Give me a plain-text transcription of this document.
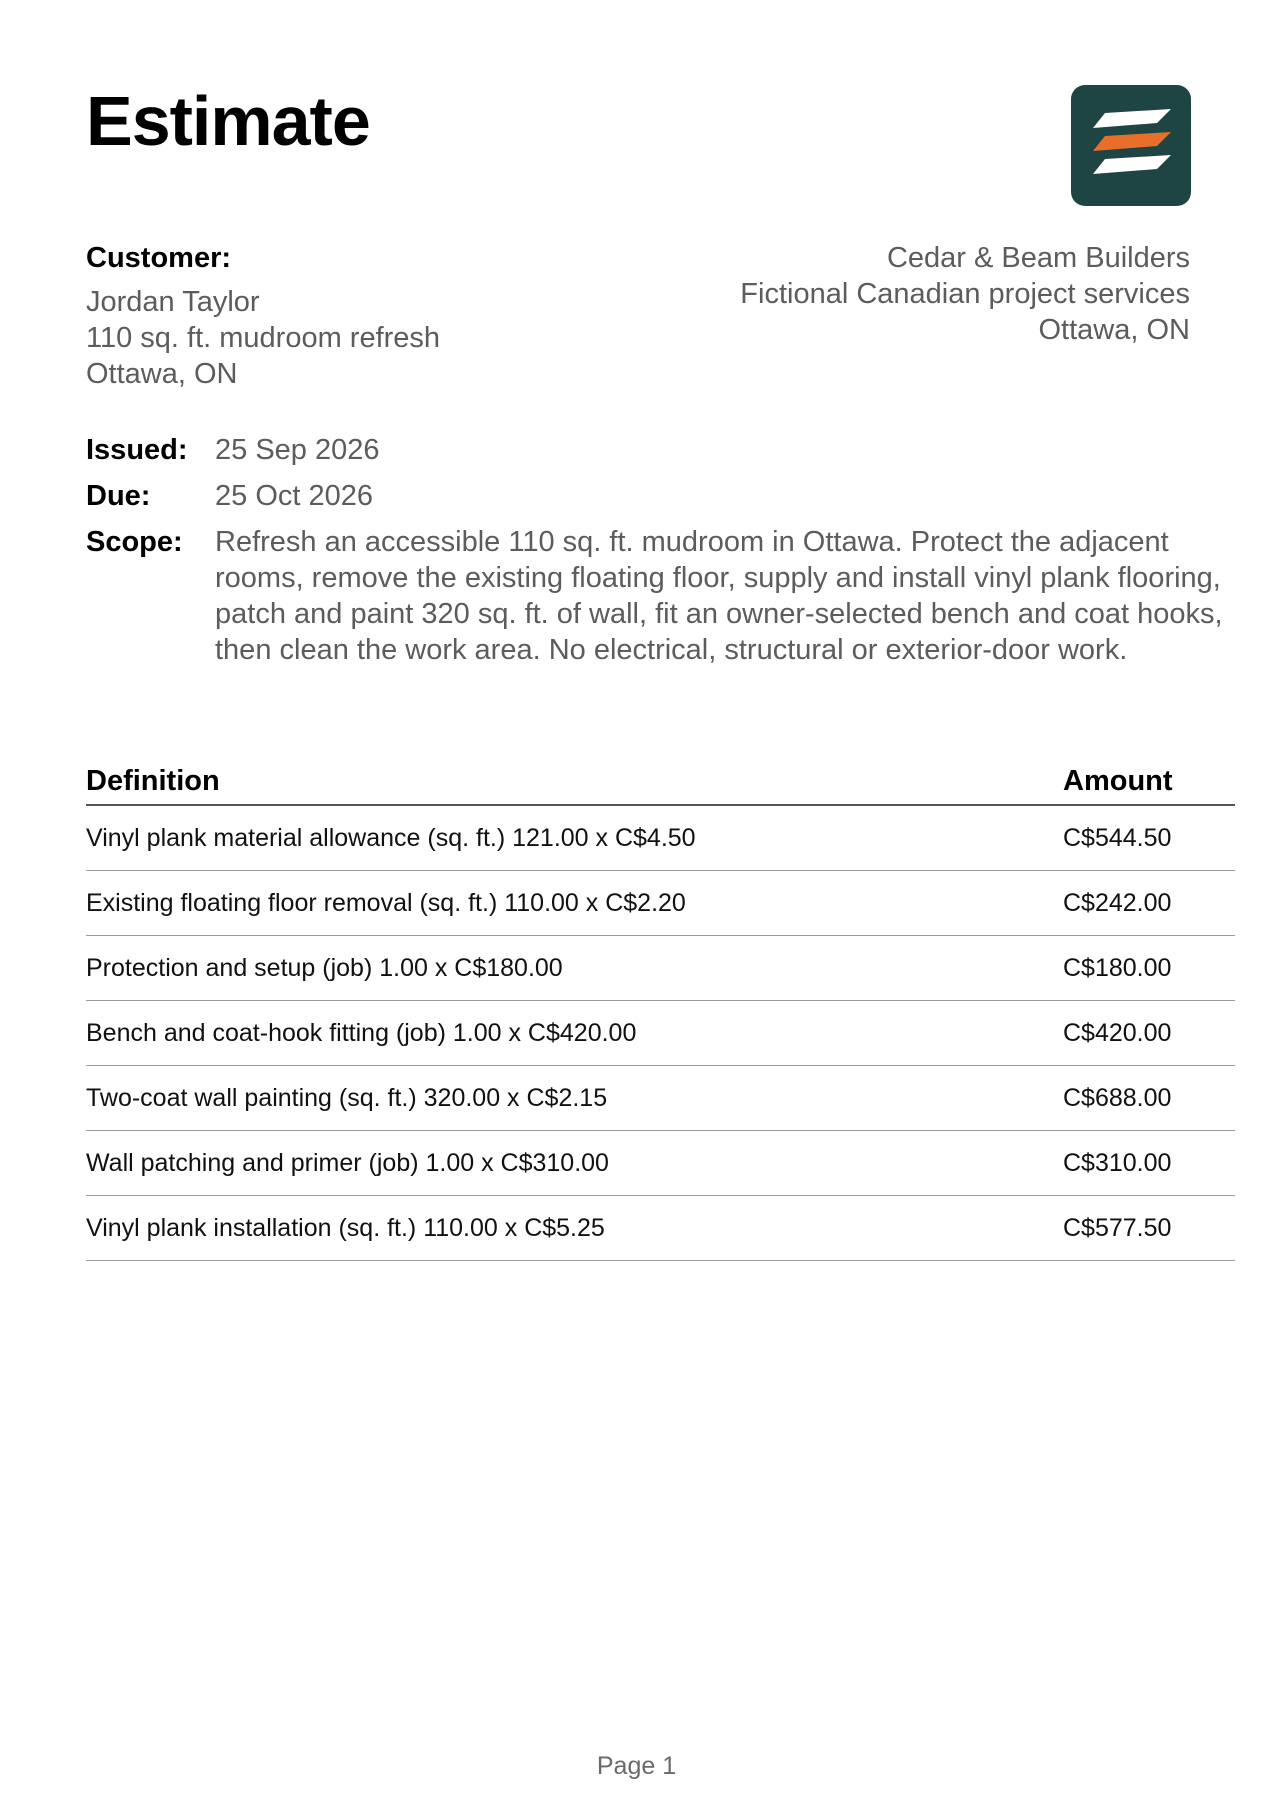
Estimate
Customer:
Jordan Taylor
110 sq. ft. mudroom refresh
Ottawa, ON
Cedar & Beam Builders
Fictional Canadian project services
Ottawa, ON
Issued: 25 Sep 2026
Due:	25 Oct 2026
Scope:	Refresh an accessible 110 sq. ft. mudroom in Ottawa. Protect the adjacent rooms, remove the existing floating floor, supply and install vinyl plank flooring, patch and paint 320 sq. ft. of wall, fit an owner-selected bench and coat hooks, then clean the work area. No electrical, structural or exterior-door work.
Definition	Amount
Vinyl plank material allowance (sq. ft.) 121.00 x C$4.50	C$544.50
Existing floating floor removal (sq. ft.) 110.00 x C$2.20	C$242.00
Protection and setup (job) 1.00 x C$180.00	C$180.00
Bench and coat-hook fitting (job) 1.00 x C$420.00	C$420.00
Two-coat wall painting (sq. ft.) 320.00 x C$2.15	C$688.00
Wall patching and primer (job) 1.00 x C$310.00	C$310.00
Vinyl plank installation (sq. ft.) 110.00 x C$5.25	C$577.50
Page 1
